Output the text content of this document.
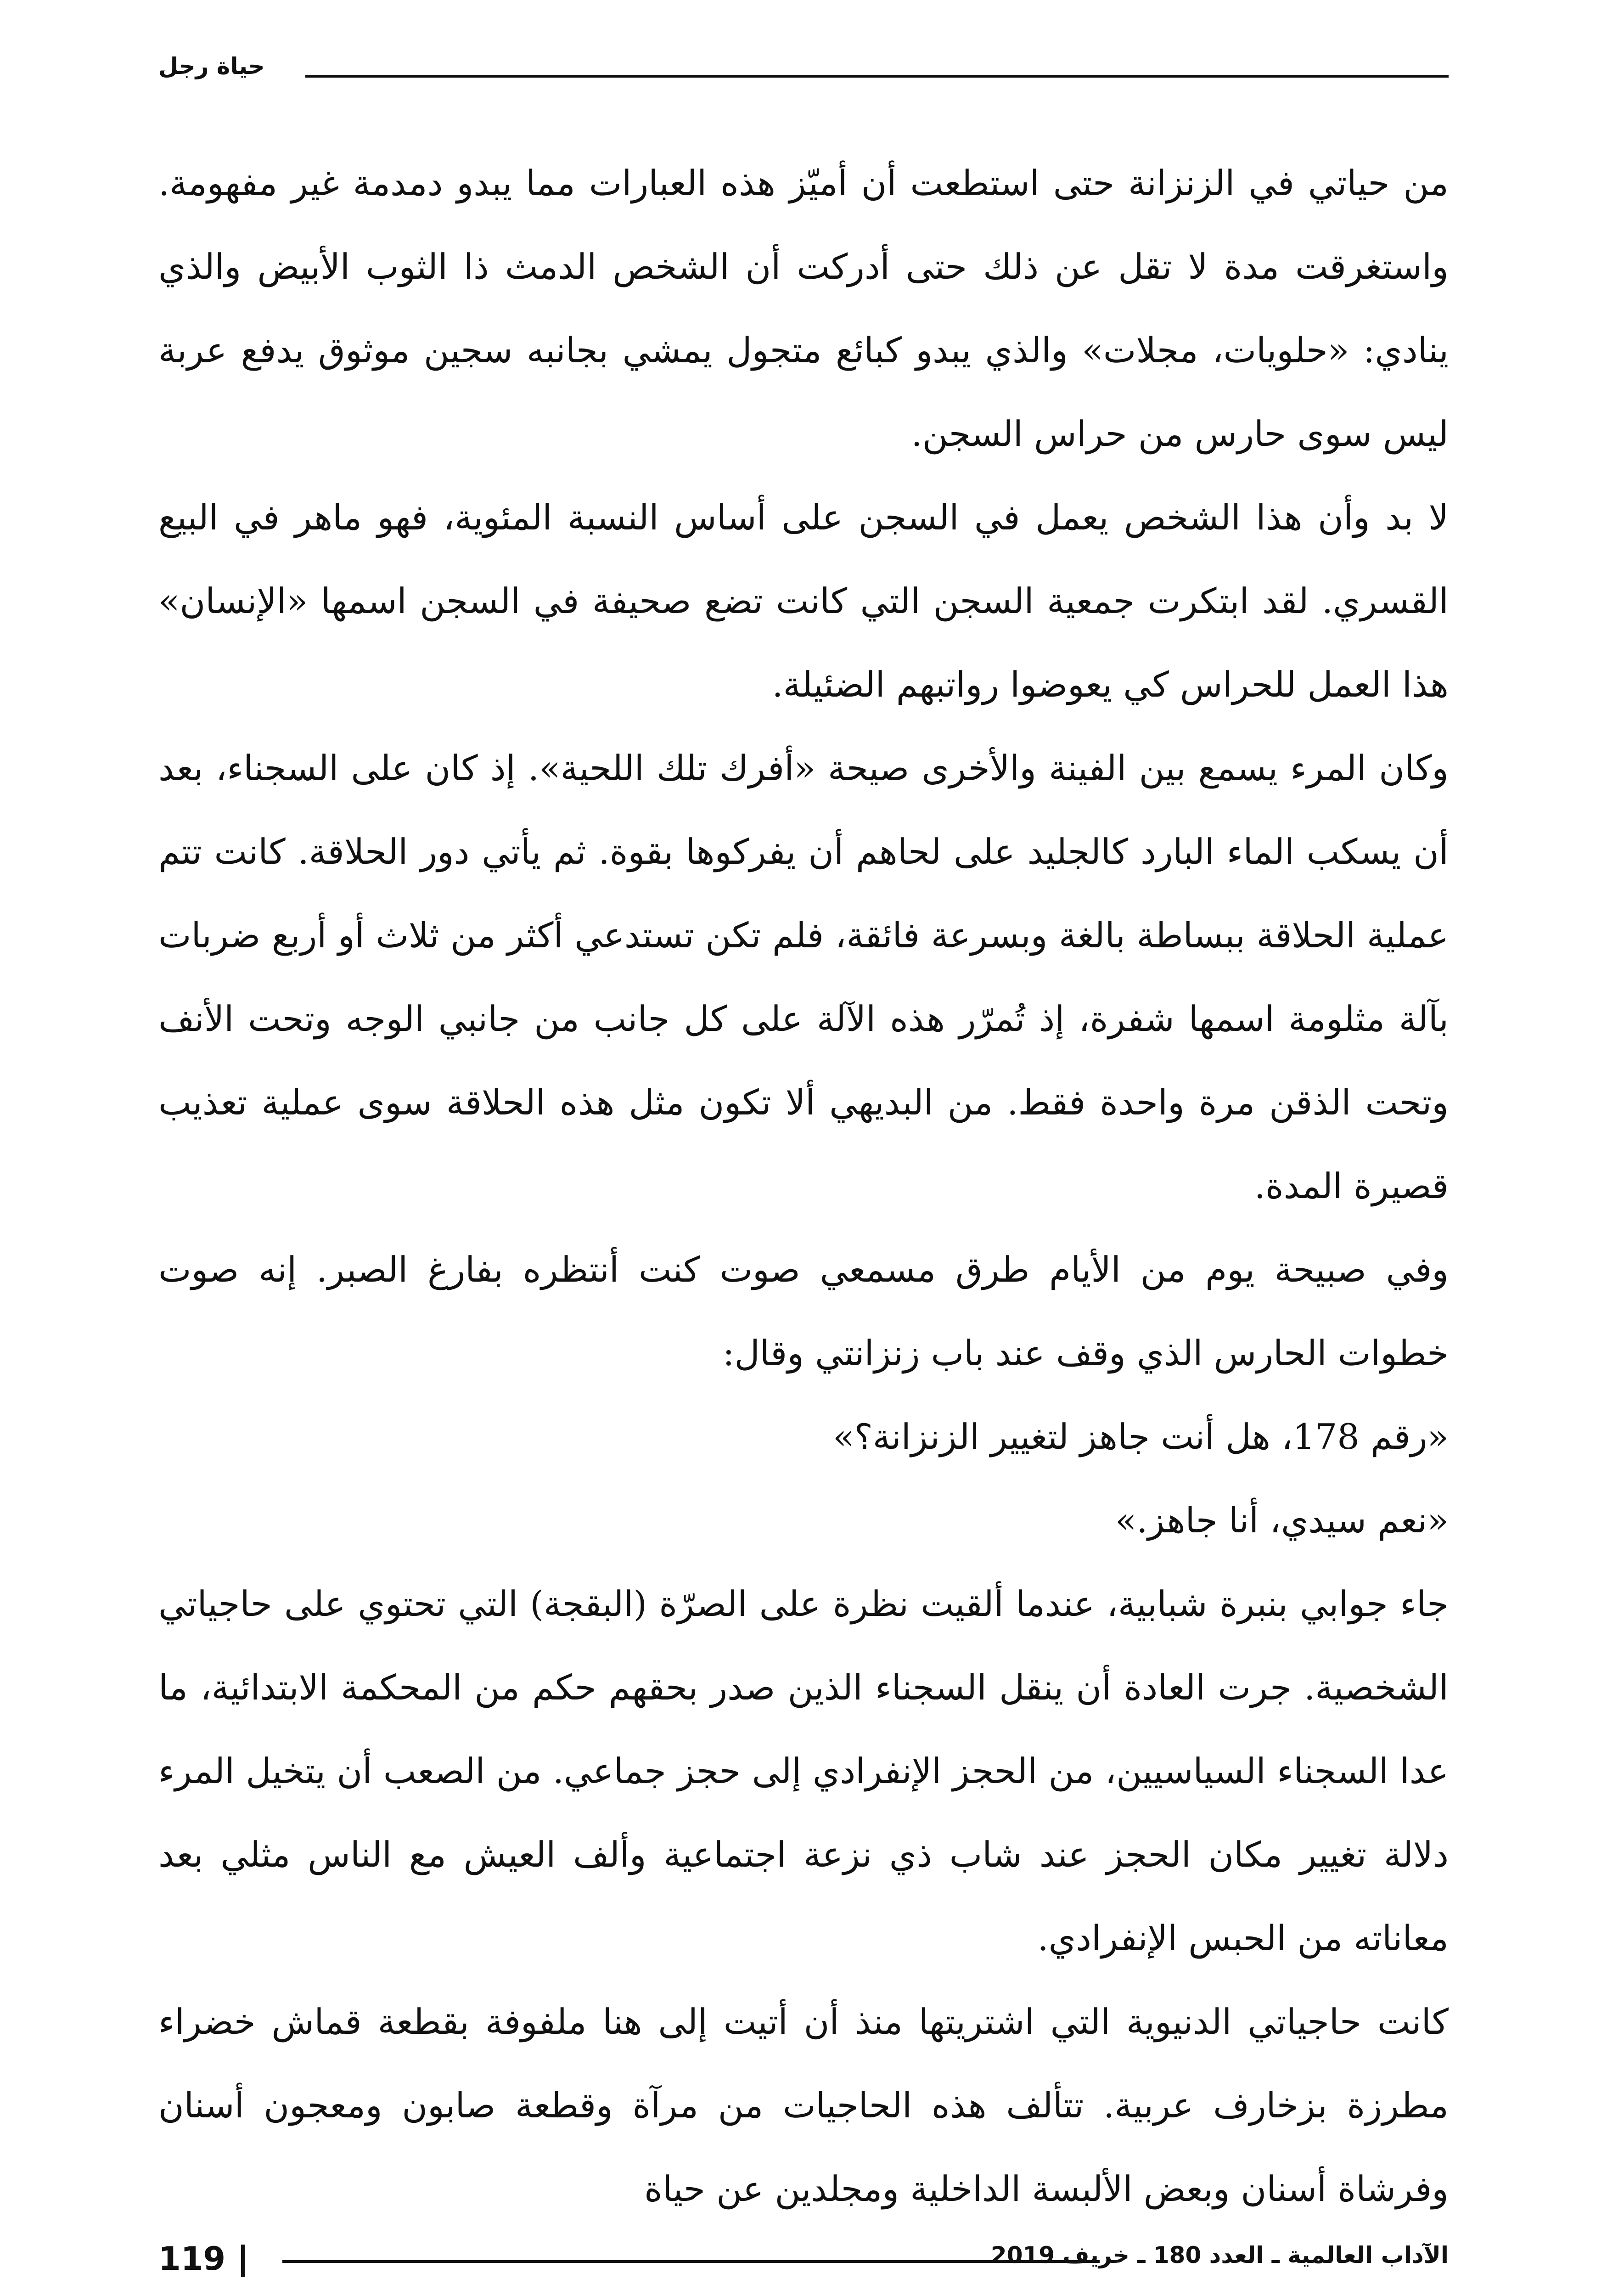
حياة رجل

من حياتي في الزنزانة حتى استطعت أن أميّز هذه العبارات مما يبدو دمدمة غير مفهومة. واستغرقت مدة لا تقل عن ذلك حتى أدركت أن الشخص الدمث ذا الثوب الأبيض والذي ينادي: «حلويات، مجلات» والذي يبدو كبائع متجول يمشي بجانبه سجين موثوق يدفع عربة ليس سوى حارس من حراس السجن.

لا بد وأن هذا الشخص يعمل في السجن على أساس النسبة المئوية، فهو ماهر في البيع القسري. لقد ابتكرت جمعية السجن التي كانت تضع صحيفة في السجن اسمها «الإنسان» هذا العمل للحراس كي يعوضوا رواتبهم الضئيلة.

وكان المرء يسمع بين الفينة والأخرى صيحة «أفرك تلك اللحية». إذ كان على السجناء، بعد أن يسكب الماء البارد كالجليد على لحاهم أن يفركوها بقوة. ثم يأتي دور الحلاقة. كانت تتم عملية الحلاقة ببساطة بالغة وبسرعة فائقة، فلم تكن تستدعي أكثر من ثلاث أو أربع ضربات بآلة مثلومة اسمها شفرة، إذ تُمرّر هذه الآلة على كل جانب من جانبي الوجه وتحت الأنف وتحت الذقن مرة واحدة فقط. من البديهي ألا تكون مثل هذه الحلاقة سوى عملية تعذيب قصيرة المدة.

وفي صبيحة يوم من الأيام طرق مسمعي صوت كنت أنتظره بفارغ الصبر. إنه صوت خطوات الحارس الذي وقف عند باب زنزانتي وقال:

«رقم 178، هل أنت جاهز لتغيير الزنزانة؟»

«نعم سيدي، أنا جاهز.»

جاء جوابي بنبرة شبابية، عندما ألقيت نظرة على الصرّة (البقجة) التي تحتوي على حاجياتي الشخصية. جرت العادة أن ينقل السجناء الذين صدر بحقهم حكم من المحكمة الابتدائية، ما عدا السجناء السياسيين، من الحجز الإنفرادي إلى حجز جماعي. من الصعب أن يتخيل المرء دلالة تغيير مكان الحجز عند شاب ذي نزعة اجتماعية وألف العيش مع الناس مثلي بعد معاناته من الحبس الإنفرادي.

كانت حاجياتي الدنيوية التي اشتريتها منذ أن أتيت إلى هنا ملفوفة بقطعة قماش خضراء مطرزة بزخارف عربية. تتألف هذه الحاجيات من مرآة وقطعة صابون ومعجون أسنان وفرشاة أسنان وبعض الألبسة الداخلية ومجلدين عن حياة

119	الآداب العالمية ـ العدد 180 ـ خريف 2019
